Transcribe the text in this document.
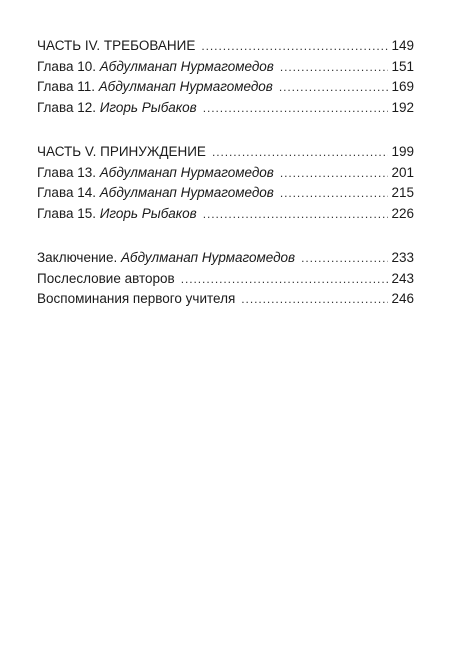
ЧАСТЬ IV. ТРЕБОВАНИЕ . . .	149
Глава 10. Абдулманап Нурмагомедов . . .	151
Глава 11. Абдулманап Нурмагомедов . . .	169
Глава 12. Игорь Рыбаков . . .	192
ЧАСТЬ V. ПРИНУЖДЕНИЕ . . .	199
Глава 13. Абдулманап Нурмагомедов . . .	201
Глава 14. Абдулманап Нурмагомедов . . .	215
Глава 15. Игорь Рыбаков . . .	226
Заключение. Абдулманап Нурмагомедов . . .	233
Послесловие авторов . . .	243
Воспоминания первого учителя . . .	246
